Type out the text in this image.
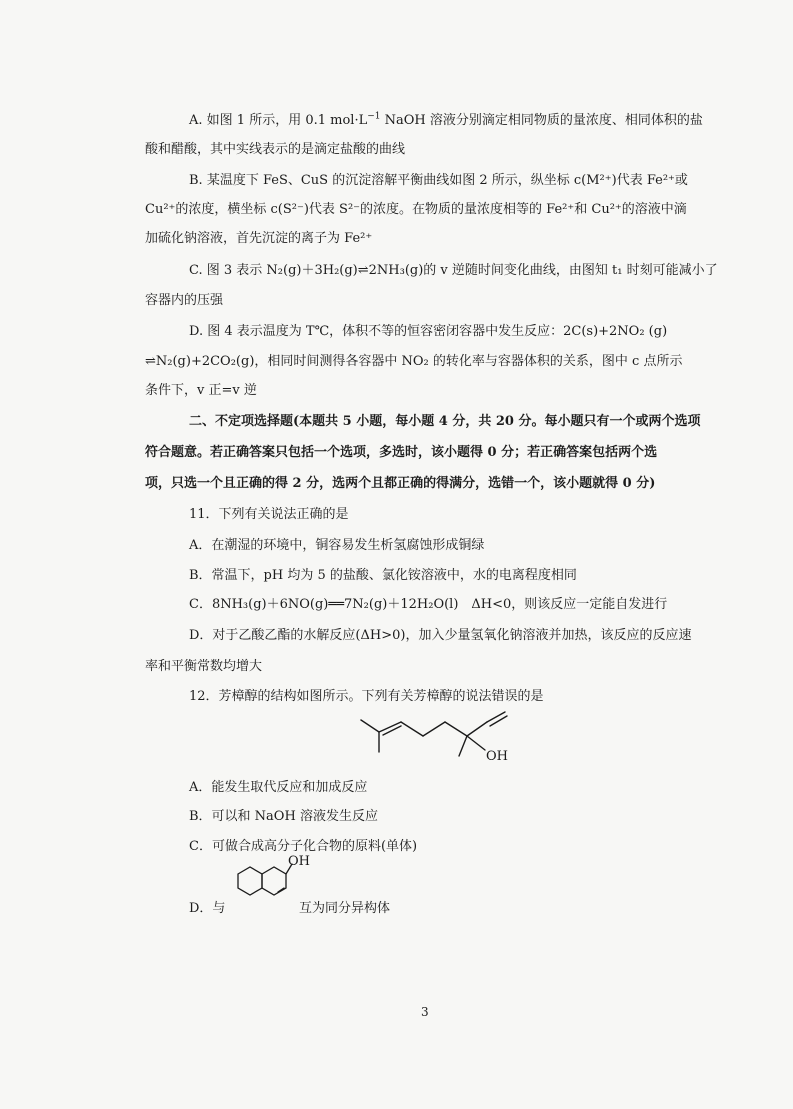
A. 如图 1 所示，用 0.1 $mol\cdot L^{-1}$ NaOH 溶液分别滴定相同物质的量浓度、相同体积的盐
酸和醋酸，其中实线表示的是滴定盐酸的曲线
B. 某温度下 FeS、CuS 的沉淀溶解平衡曲线如图 2 所示，纵坐标 c(M²⁺)代表 Fe²⁺或
Cu²⁺的浓度，横坐标 c(S²⁻)代表 S²⁻的浓度。在物质的量浓度相等的 Fe²⁺和 Cu²⁺的溶液中滴
加硫化钠溶液，首先沉淀的离子为 Fe²⁺
C. 图 3 表示 N₂(g)＋3H₂(g)⇌2NH₃(g)的 v 逆随时间变化曲线，由图知 t₁ 时刻可能减小了
容器内的压强
D. 图 4 表示温度为 T℃，体积不等的恒容密闭容器中发生反应：2C(s)+2NO₂ (g)
⇌N₂(g)+2CO₂(g)，相同时间测得各容器中 NO₂ 的转化率与容器体积的关系，图中 c 点所示
条件下，v 正=v 逆
二、不定项选择题(本题共 5 小题，每小题 4 分，共 20 分。每小题只有一个或两个选项
符合题意。若正确答案只包括一个选项，多选时，该小题得 0 分；若正确答案包括两个选
项，只选一个且正确的得 2 分，选两个且都正确的得满分，选错一个，该小题就得 0 分)
11．下列有关说法正确的是
A．在潮湿的环境中，铜容易发生析氢腐蚀形成铜绿
B．常温下，pH 均为 5 的盐酸、氯化铵溶液中，水的电离程度相同
C．8NH₃(g)＋6NO(g)══7N₂(g)＋12H₂O(l)　ΔH<0，则该反应一定能自发进行
D．对于乙酸乙酯的水解反应(ΔH>0)，加入少量氢氧化钠溶液并加热，该反应的反应速
率和平衡常数均增大
12．芳樟醇的结构如图所示。下列有关芳樟醇的说法错误的是
OH
A．能发生取代反应和加成反应
B．可以和 NaOH 溶液发生反应
C．可做合成高分子化合物的原料(单体)
OH
D．与	互为同分异构体
3
